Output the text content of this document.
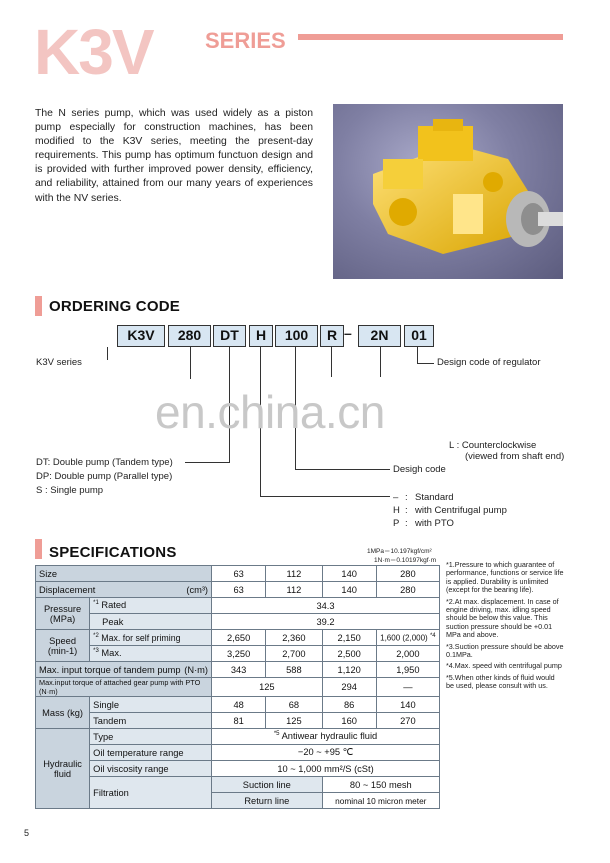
K3V SERIES
The N series pump, which was used widely as a piston pump especially for construction machines, has been modified to the K3V series, meeting the present-day requirements. This pump has optimum functuon design and is provided with further improved power density, efficiency, and reliability, attained from our many years of experiences with the NV series.
ORDERING CODE
K3V	280	DT	H	100	R –	2N	01
K3V series	Design code of regulator
en.china.cn
L : Counterclockwise
(viewed from shaft end)
Desigh code
DT: Double pump (Tandem type)
DP: Double pump (Parallel type)
S : Single pump
– : Standard
H : with Centrifugal pump
P : with PTO
SPECIFICATIONS	1MPa＝10.197kgf/cm²
1N·m＝0.10197kgf·m
Size		63	112	140	280
Displacement (cm³)		63	112	140	280
Pressure (MPa)	$^{*1}$ Rated	34.3			
	Peak	39.2			
Speed (min-1)	$^{*2}$ Max. for self priming	2,650	2,360	2,150	1,600 (2,000) $^{*4}$
	$^{*3}$ Max.	3,250	2,700	2,500	2,000
Max. input torque of tandem pump (N·m)		343	588	1,120	1,950
Max.input torque of attached gear pump with PTO (N·m)		125		294	—
Mass (kg)	Single	48	68	86	140
	Tandem	81	125	160	270
Hydraulic fluid	Type	$^{*5}$ Antiwear hydraulic fluid			
	Oil temperature range	−20 ~ +95 ℃			
	Oil viscosity range	10 ~ 1,000 mm²/S (cSt)			
	Filtration	Suction line		80 ~ 150 mesh	
		Return line		nominal 10 micron meter	
*1.Pressure to which guarantee of performance, functions or service life is applied. Durability is unlimited (except for the bearing life).
*2.At max. displacement. In case of engine driving, max. idling speed should be below this value. This suction pressure should be +0.01 MPa and above.
*3.Suction pressure should be above 0.1MPa.
*4.Max. speed with centrifugal pump
*5.When other kinds of fluid would be used, please consult with us.
5
